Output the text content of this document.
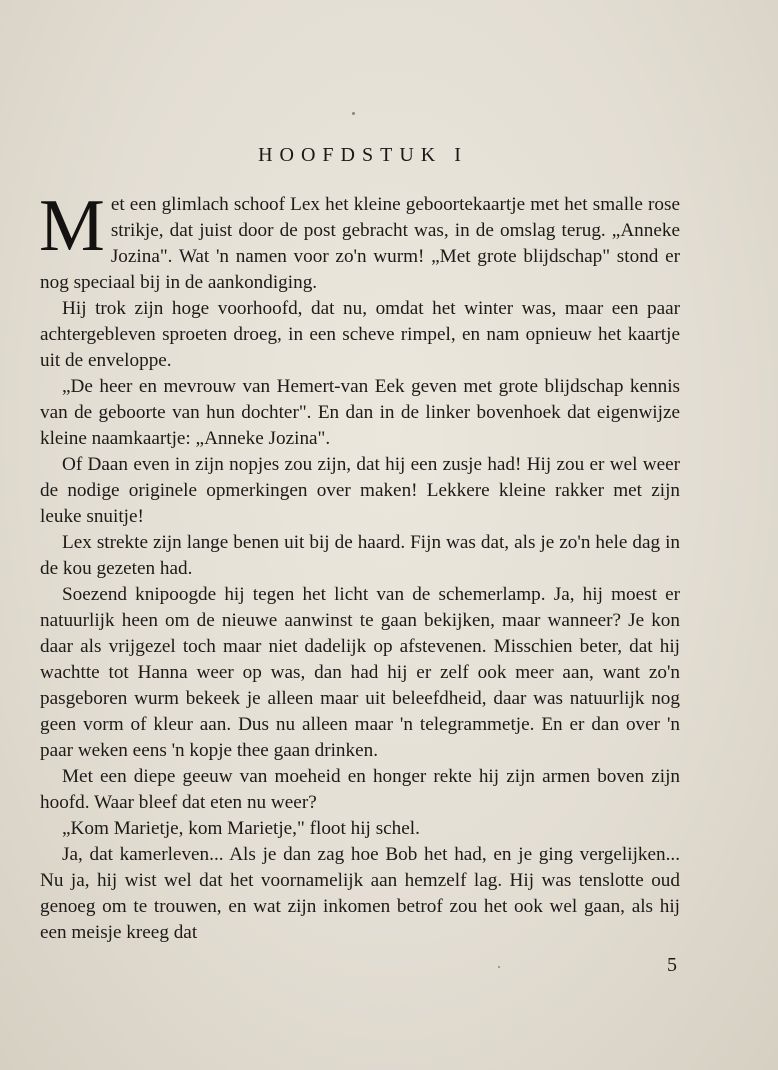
HOOFDSTUK I

Met een glimlach schoof Lex het kleine geboortekaartje met het smalle rose strikje, dat juist door de post gebracht was, in de omslag terug. „Anneke Jozina". Wat 'n namen voor zo'n wurm! „Met grote blijdschap" stond er nog speciaal bij in de aankondiging.

Hij trok zijn hoge voorhoofd, dat nu, omdat het winter was, maar een paar achtergebleven sproeten droeg, in een scheve rimpel, en nam opnieuw het kaartje uit de enveloppe.

„De heer en mevrouw van Hemert-van Eek geven met grote blijdschap kennis van de geboorte van hun dochter". En dan in de linker bovenhoek dat eigenwijze kleine naamkaartje: „Anneke Jozina".

Of Daan even in zijn nopjes zou zijn, dat hij een zusje had! Hij zou er wel weer de nodige originele opmerkingen over maken! Lekkere kleine rakker met zijn leuke snuitje!

Lex strekte zijn lange benen uit bij de haard. Fijn was dat, als je zo'n hele dag in de kou gezeten had.

Soezend knipoogde hij tegen het licht van de schemerlamp. Ja, hij moest er natuurlijk heen om de nieuwe aanwinst te gaan bekijken, maar wanneer? Je kon daar als vrijgezel toch maar niet dadelijk op afstevenen. Misschien beter, dat hij wachtte tot Hanna weer op was, dan had hij er zelf ook meer aan, want zo'n pasgeboren wurm bekeek je alleen maar uit beleefdheid, daar was natuurlijk nog geen vorm of kleur aan. Dus nu alleen maar 'n telegrammetje. En er dan over 'n paar weken eens 'n kopje thee gaan drinken.

Met een diepe geeuw van moeheid en honger rekte hij zijn armen boven zijn hoofd. Waar bleef dat eten nu weer?

„Kom Marietje, kom Marietje," floot hij schel.

Ja, dat kamerleven... Als je dan zag hoe Bob het had, en je ging vergelijken... Nu ja, hij wist wel dat het voornamelijk aan hemzelf lag. Hij was tenslotte oud genoeg om te trouwen, en wat zijn inkomen betrof zou het ook wel gaan, als hij een meisje kreeg dat

5
